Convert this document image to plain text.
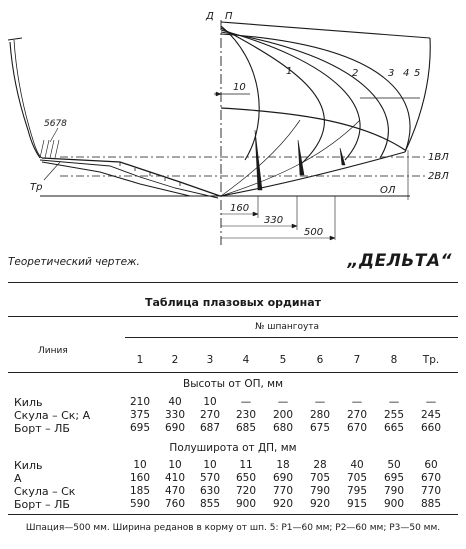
Д П
1	2	3 4 5
5678
10
1ВЛ
2ВЛ
ОЛ
Тр
160
330
500
Теоретический чертеж.	„ДЕЛЬТА“
Таблица плазовых ординат
Линия
№ шпангоута
1	2	3	4	5	6	7	8	Тр.
Высоты от ОП, мм
Киль	210	40	10	—	—	—	—	—	—
Скула – Ск; А	375	330	270	230	200	280	270	255	245
Борт – ЛБ	695	690	687	685	680	675	670	665	660
Полуширота от ДП, мм
Киль	10	10	10	11	18	28	40	50	60
А	160	410	570	650	690	705	705	695	670
Скула – Ск	185	470	630	720	770	790	795	790	770
Борт – ЛБ	590	760	855	900	920	920	915	900	885
Шпация—500 мм. Ширина реданов в корму от шп. 5: Р1—60 мм; Р2—60 мм; Р3—50 мм.
